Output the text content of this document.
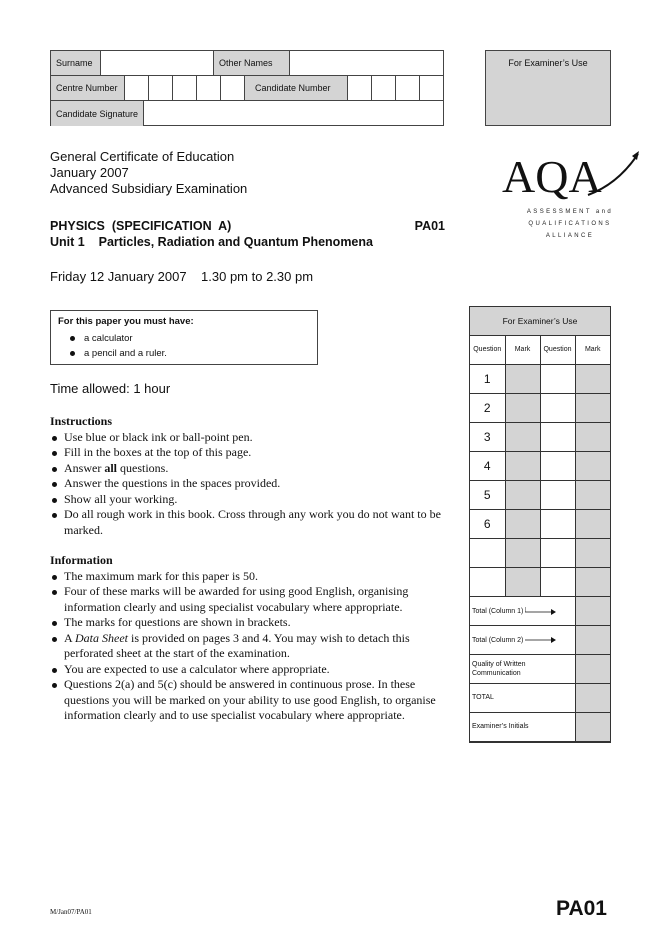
Surname	Other Names
Centre Number	Candidate Number
Candidate Signature
For Examiner’s Use
General Certificate of Education
January 2007
Advanced Subsidiary Examination
PHYSICS  (SPECIFICATION  A)	PA01
Unit 1    Particles, Radiation and Quantum Phenomena
Friday 12 January 2007    1.30 pm to 2.30 pm
For this paper you must have:
a calculator
a pencil and a ruler.
Time allowed: 1 hour
Instructions
Use blue or black ink or ball-point pen.
Fill in the boxes at the top of this page.
Answer all questions.
Answer the questions in the spaces provided.
Show all your working.
Do all rough work in this book. Cross through any work you do not want to be marked.
Information
The maximum mark for this paper is 50.
Four of these marks will be awarded for using good English, organising information clearly and using specialist vocabulary where appropriate.
The marks for questions are shown in brackets.
A Data Sheet is provided on pages 3 and 4. You may wish to detach this perforated sheet at the start of the examination.
You are expected to use a calculator where appropriate.
Questions 2(a) and 5(c) should be answered in continuous prose. In these questions you will be marked on your ability to use good English, to organise information clearly and to use specialist vocabulary where appropriate.
AQA
ASSESSMENT and
QUALIFICATIONS
ALLIANCE
For Examiner’s Use
Question	Mark	Question	Mark
1			
2			
3			
4			
5			
6			

Total (Column 1)			
Total (Column 2)			
Quality of Written Communication			
TOTAL			
Examiner’s Initials			
M/Jan07/PA01	PA01
